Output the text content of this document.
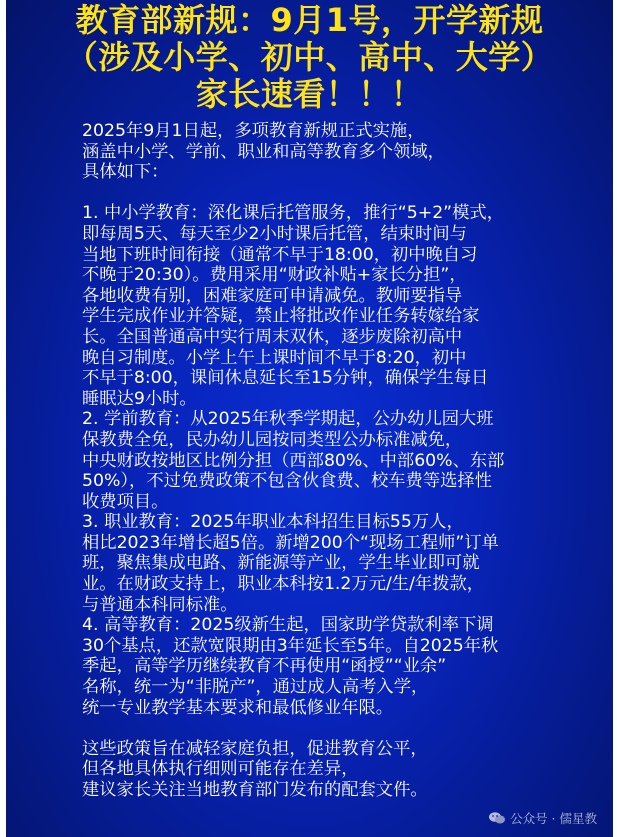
教育部新规：9月1号，开学新规
（涉及小学、初中、高中、大学）
家长速看！！！
2025年9月1日起，多项教育新规正式实施，
涵盖中小学、学前、职业和高等教育多个领域，
具体如下：
1. 中小学教育：深化课后托管服务，推行“5+2”模式，
即每周5天、每天至少2小时课后托管，结束时间与
当地下班时间衔接（通常不早于18:00，初中晚自习
不晚于20:30）。费用采用“财政补贴+家长分担”，
各地收费有别，困难家庭可申请减免。教师要指导
学生完成作业并答疑，禁止将批改作业任务转嫁给家
长。全国普通高中实行周末双休，逐步废除初高中
晚自习制度。小学上午上课时间不早于8:20，初中
不早于8:00，课间休息延长至15分钟，确保学生每日
睡眠达9小时。
2. 学前教育：从2025年秋季学期起，公办幼儿园大班
保教费全免，民办幼儿园按同类型公办标准减免，
中央财政按地区比例分担（西部80%、中部60%、东部
50%），不过免费政策不包含伙食费、校车费等选择性
收费项目。
3. 职业教育：2025年职业本科招生目标55万人，
相比2023年增长超5倍。新增200个“现场工程师”订单
班，聚焦集成电路、新能源等产业，学生毕业即可就
业。在财政支持上，职业本科按1.2万元/生/年拨款，
与普通本科同标准。
4. 高等教育：2025级新生起，国家助学贷款利率下调
30个基点，还款宽限期由3年延长至5年。自2025年秋
季起，高等学历继续教育不再使用“函授”“业余”
名称，统一为“非脱产”，通过成人高考入学，
统一专业教学基本要求和最低修业年限。
这些政策旨在减轻家庭负担，促进教育公平，
但各地具体执行细则可能存在差异，
建议家长关注当地教育部门发布的配套文件。
公众号 · 儒星教
